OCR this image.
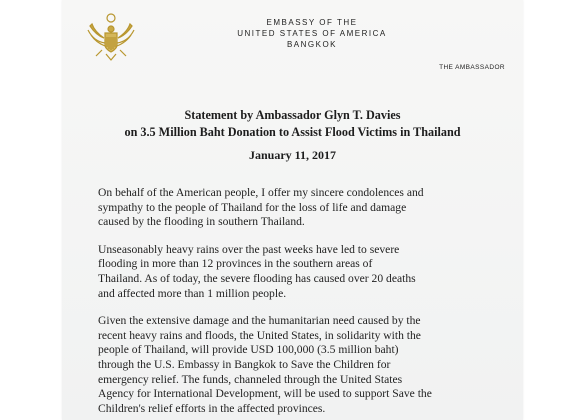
EMBASSY OF THE
UNITED STATES OF AMERICA
BANGKOK
THE AMBASSADOR
Statement by Ambassador Glyn T. Davies
on 3.5 Million Baht Donation to Assist Flood Victims in Thailand
January 11, 2017

On behalf of the American people, I offer my sincere condolences and
sympathy to the people of Thailand for the loss of life and damage
caused by the flooding in southern Thailand.

Unseasonably heavy rains over the past weeks have led to severe
flooding in more than 12 provinces in the southern areas of
Thailand. As of today, the severe flooding has caused over 20 deaths
and affected more than 1 million people.

Given the extensive damage and the humanitarian need caused by the
recent heavy rains and floods, the United States, in solidarity with the
people of Thailand, will provide USD 100,000 (3.5 million baht)
through the U.S. Embassy in Bangkok to Save the Children for
emergency relief. The funds, channeled through the United States
Agency for International Development, will be used to support Save the
Children's relief efforts in the affected provinces.
